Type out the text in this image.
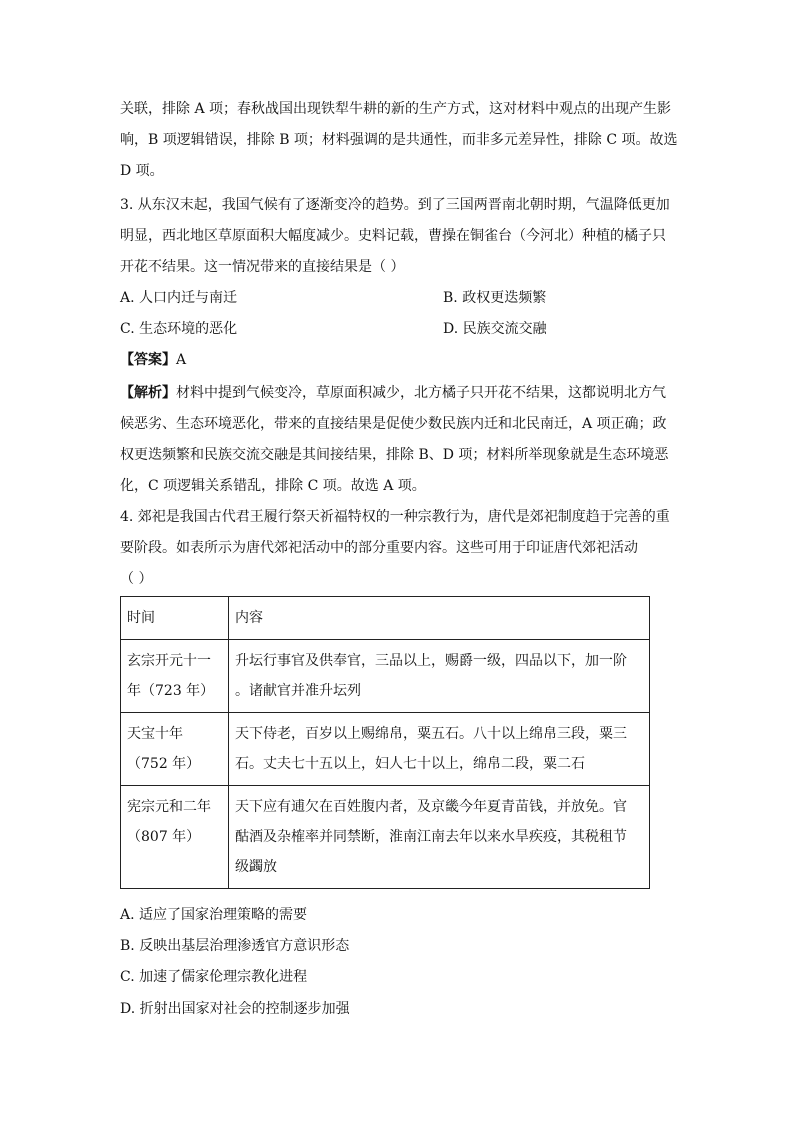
关联，排除 A 项；春秋战国出现铁犁牛耕的新的生产方式，这对材料中观点的出现产生影
响，B 项逻辑错误，排除 B 项；材料强调的是共通性，而非多元差异性，排除 C 项。故选
D 项。
3. 从东汉末起，我国气候有了逐渐变冷的趋势。到了三国两晋南北朝时期，气温降低更加
明显，西北地区草原面积大幅度减少。史料记载，曹操在铜雀台（今河北）种植的橘子只
开花不结果。这一情况带来的直接结果是（ ）
A. 人口内迁与南迁	B. 政权更迭频繁
C. 生态环境的恶化	D. 民族交流交融
【答案】A
【解析】材料中提到气候变冷，草原面积减少，北方橘子只开花不结果，这都说明北方气
候恶劣、生态环境恶化，带来的直接结果是促使少数民族内迁和北民南迁，A 项正确；政
权更迭频繁和民族交流交融是其间接结果，排除 B、D 项；材料所举现象就是生态环境恶
化，C 项逻辑关系错乱，排除 C 项。故选 A 项。
4. 郊祀是我国古代君王履行祭天祈福特权的一种宗教行为，唐代是郊祀制度趋于完善的重
要阶段。如表所示为唐代郊祀活动中的部分重要内容。这些可用于印证唐代郊祀活动
（ ）
时间	内容

玄宗开元十一
年（723 年）	升坛行事官及供奉官，三品以上，赐爵一级，四品以下，加一阶
。诸献官并准升坛列

天宝十年
（752 年）	天下侍老，百岁以上赐绵帛，粟五石。八十以上绵帛三段，粟三
石。丈夫七十五以上，妇人七十以上，绵帛二段，粟二石

宪宗元和二年
（807 年）	天下应有逋欠在百姓腹内者，及京畿今年夏青苗钱，并放免。官
酤酒及杂榷率并同禁断，淮南江南去年以来水旱疾疫，其税租节
级蠲放
A. 适应了国家治理策略的需要
B. 反映出基层治理渗透官方意识形态
C. 加速了儒家伦理宗教化进程
D. 折射出国家对社会的控制逐步加强
